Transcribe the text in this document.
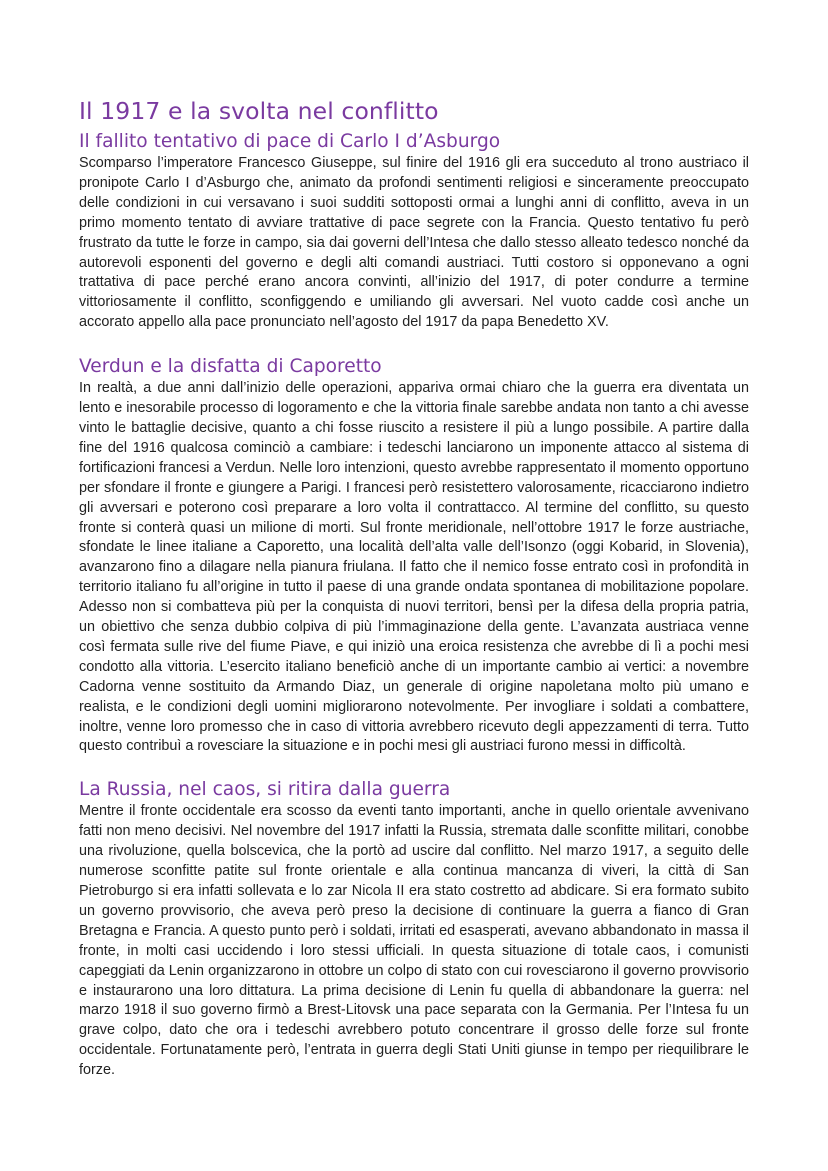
Il 1917 e la svolta nel conflitto
Il fallito tentativo di pace di Carlo I d’Asburgo

Scomparso l’imperatore Francesco Giuseppe, sul finire del 1916 gli era succeduto al trono austriaco il pronipote Carlo I d’Asburgo che, animato da profondi sentimenti religiosi e sinceramente preoccupato delle condizioni in cui versavano i suoi sudditi sottoposti ormai a lunghi anni di conflitto, aveva in un primo momento tentato di avviare trattative di pace segrete con la Francia. Questo tentativo fu però frustrato da tutte le forze in campo, sia dai governi dell’Intesa che dallo stesso alleato tedesco nonché da autorevoli esponenti del governo e degli alti comandi austriaci. Tutti costoro si opponevano a ogni trattativa di pace perché erano ancora convinti, all’inizio del 1917, di poter condurre a termine vittoriosamente il conflitto, sconfiggendo e umiliando gli avversari. Nel vuoto cadde così anche un accorato appello alla pace pronunciato nell’agosto del 1917 da papa Benedetto XV.

Verdun e la disfatta di Caporetto

In realtà, a due anni dall’inizio delle operazioni, appariva ormai chiaro che la guerra era diventata un lento e inesorabile processo di logoramento e che la vittoria finale sarebbe andata non tanto a chi avesse vinto le battaglie decisive, quanto a chi fosse riuscito a resistere il più a lungo possibile. A partire dalla fine del 1916 qualcosa cominciò a cambiare: i tedeschi lanciarono un imponente attacco al sistema di fortificazioni francesi a Verdun. Nelle loro intenzioni, questo avrebbe rappresentato il momento opportuno per sfondare il fronte e giungere a Parigi. I francesi però resistettero valorosamente, ricacciarono indietro gli avversari e poterono così preparare a loro volta il contrattacco. Al termine del conflitto, su questo fronte si conterà quasi un milione di morti. Sul fronte meridionale, nell’ottobre 1917 le forze austriache, sfondate le linee italiane a Caporetto, una località dell’alta valle dell’Isonzo (oggi Kobarid, in Slovenia), avanzarono fino a dilagare nella pianura friulana. Il fatto che il nemico fosse entrato così in profondità in territorio italiano fu all’origine in tutto il paese di una grande ondata spontanea di mobilitazione popolare. Adesso non si combatteva più per la conquista di nuovi territori, bensì per la difesa della propria patria, un obiettivo che senza dubbio colpiva di più l’immaginazione della gente. L’avanzata austriaca venne così fermata sulle rive del fiume Piave, e qui iniziò una eroica resistenza che avrebbe di lì a pochi mesi condotto alla vittoria. L’esercito italiano beneficiò anche di un importante cambio ai vertici: a novembre Cadorna venne sostituito da Armando Diaz, un generale di origine napoletana molto più umano e realista, e le condizioni degli uomini migliorarono notevolmente. Per invogliare i soldati a combattere, inoltre, venne loro promesso che in caso di vittoria avrebbero ricevuto degli appezzamenti di terra. Tutto questo contribuì a rovesciare la situazione e in pochi mesi gli austriaci furono messi in difficoltà.

La Russia, nel caos, si ritira dalla guerra

Mentre il fronte occidentale era scosso da eventi tanto importanti, anche in quello orientale avvenivano fatti non meno decisivi. Nel novembre del 1917 infatti la Russia, stremata dalle sconfitte militari, conobbe una rivoluzione, quella bolscevica, che la portò ad uscire dal conflitto. Nel marzo 1917, a seguito delle numerose sconfitte patite sul fronte orientale e alla continua mancanza di viveri, la città di San Pietroburgo si era infatti sollevata e lo zar Nicola II era stato costretto ad abdicare. Si era formato subito un governo provvisorio, che aveva però preso la decisione di continuare la guerra a fianco di Gran Bretagna e Francia. A questo punto però i soldati, irritati ed esasperati, avevano abbandonato in massa il fronte, in molti casi uccidendo i loro stessi ufficiali. In questa situazione di totale caos, i comunisti capeggiati da Lenin organizzarono in ottobre un colpo di stato con cui rovesciarono il governo provvisorio e instaurarono una loro dittatura. La prima decisione di Lenin fu quella di abbandonare la guerra: nel marzo 1918 il suo governo firmò a Brest-Litovsk una pace separata con la Germania. Per l’Intesa fu un grave colpo, dato che ora i tedeschi avrebbero potuto concentrare il grosso delle forze sul fronte occidentale. Fortunatamente però, l’entrata in guerra degli Stati Uniti giunse in tempo per riequilibrare le forze.
